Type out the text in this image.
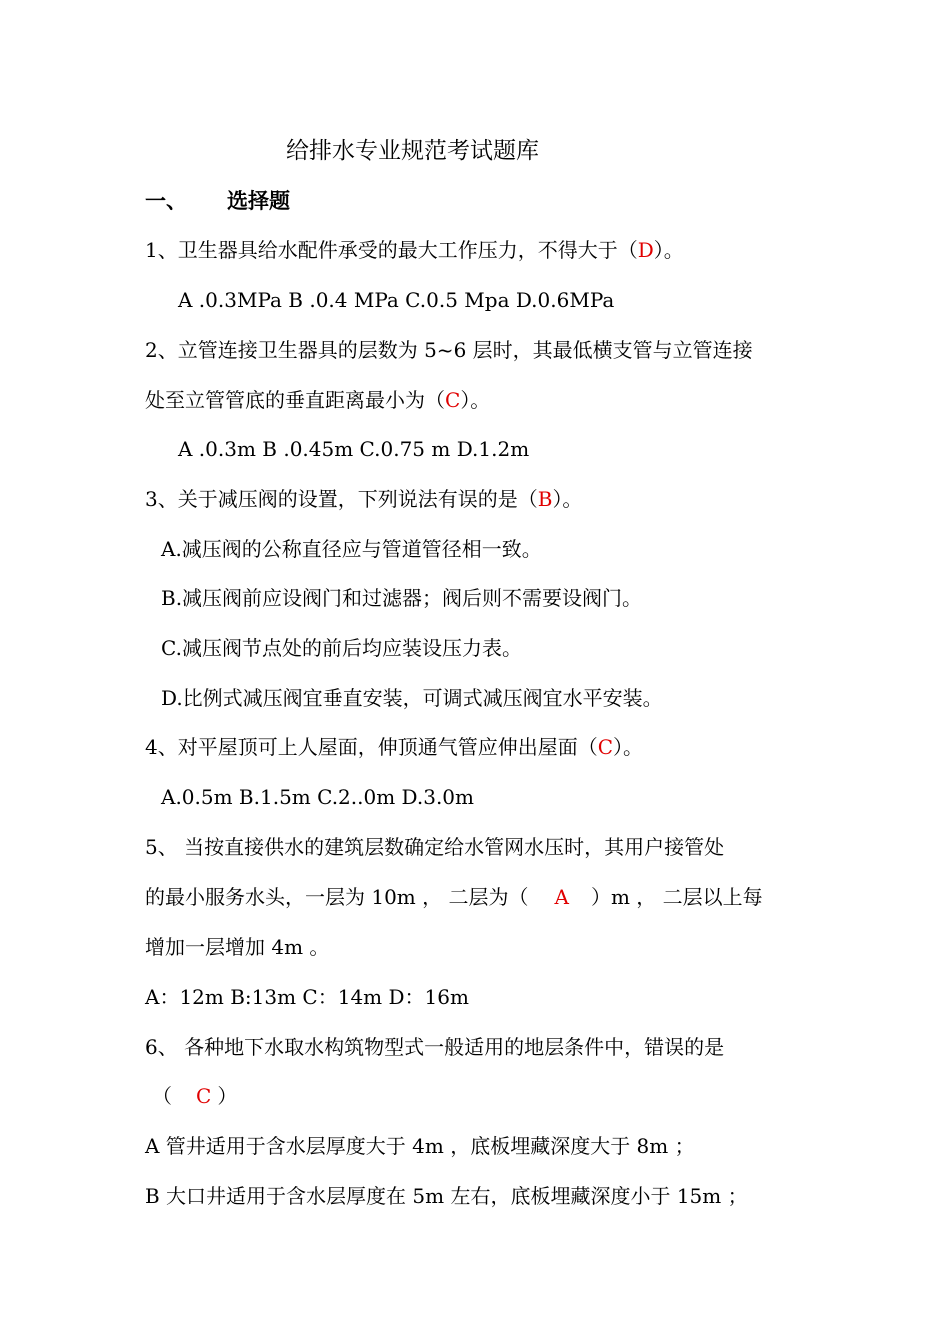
给排水专业规范考试题库
一、 选择题
1、卫生器具给水配件承受的最大工作压力，不得大于（D）。
A .0.3MPa B .0.4 MPa C.0.5 Mpa D.0.6MPa
2、立管连接卫生器具的层数为 5~6 层时，其最低横支管与立管连接
处至立管管底的垂直距离最小为（C）。
A .0.3m B .0.45m C.0.75 m D.1.2m
3、关于减压阀的设置，下列说法有误的是（B）。
A.减压阀的公称直径应与管道管径相一致。
B.减压阀前应设阀门和过滤器；阀后则不需要设阀门。
C.减压阀节点处的前后均应装设压力表。
D.比例式减压阀宜垂直安装，可调式减压阀宜水平安装。
4、对平屋顶可上人屋面，伸顶通气管应伸出屋面（C）。
A.0.5m B.1.5m C.2..0m D.3.0m
5、 当按直接供水的建筑层数确定给水管网水压时，其用户接管处
的最小服务水头，一层为 10m ， 二层为（ A ）m ， 二层以上每
增加一层增加 4m 。
A：12m B:13m C：14m D：16m
6、 各种地下水取水构筑物型式一般适用的地层条件中，错误的是
（ C ）
A 管井适用于含水层厚度大于 4m ，底板埋藏深度大于 8m ；
B 大口井适用于含水层厚度在 5m 左右，底板埋藏深度小于 15m ；
